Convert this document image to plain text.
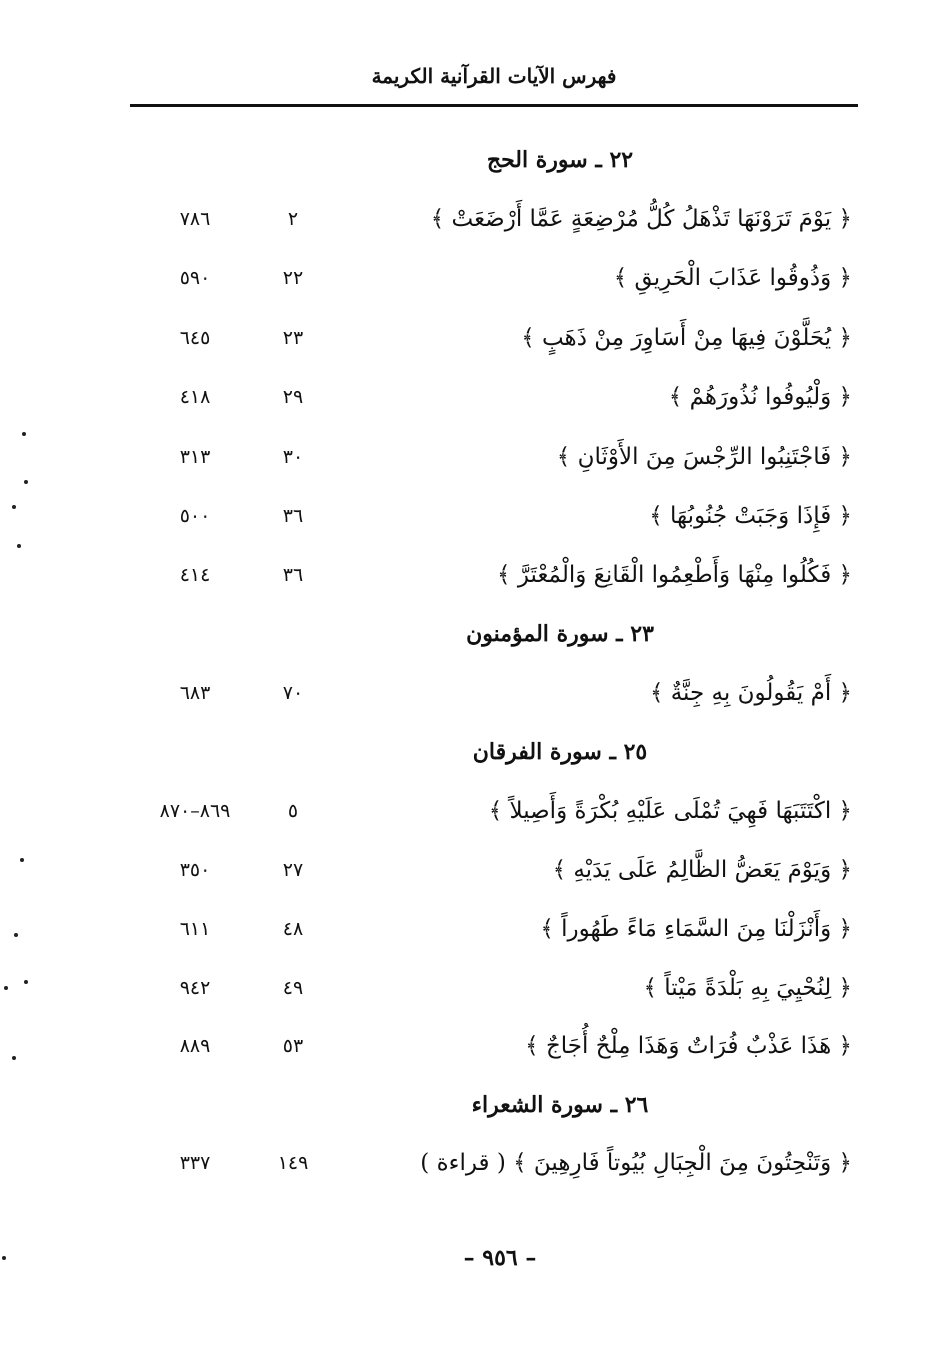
فهرس الآيات القرآنية الكريمة
٢٢ ـ سورة الحج
﴿ يَوْمَ تَرَوْنَهَا تَذْهَلُ كُلُّ مُرْضِعَةٍ عَمَّا أَرْضَعَتْ ﴾
٢
٧٨٦
﴿ وَذُوقُوا عَذَابَ الْحَرِيقِ ﴾
٢٢
٥٩٠
﴿ يُحَلَّوْنَ فِيهَا مِنْ أَسَاوِرَ مِنْ ذَهَبٍ ﴾
٢٣
٦٤٥
﴿ وَلْيُوفُوا نُذُورَهُمْ ﴾
٢٩
٤١٨
﴿ فَاجْتَنِبُوا الرِّجْسَ مِنَ الأَوْثَانِ ﴾
٣٠
٣١٣
﴿ فَإِذَا وَجَبَتْ جُنُوبُهَا ﴾
٣٦
٥٠٠
﴿ فَكُلُوا مِنْهَا وَأَطْعِمُوا الْقَانِعَ وَالْمُعْتَرَّ ﴾
٣٦
٤١٤
٢٣ ـ سورة المؤمنون
﴿ أَمْ يَقُولُونَ بِهِ جِنَّةٌ ﴾
٧٠
٦٨٣
٢٥ ـ سورة الفرقان
﴿ اكْتَتَبَهَا فَهِيَ تُمْلَى عَلَيْهِ بُكْرَةً وَأَصِيلاً ﴾
٥
٨٦٩–٨٧٠
﴿ وَيَوْمَ يَعَضُّ الظَّالِمُ عَلَى يَدَيْهِ ﴾
٢٧
٣٥٠
﴿ وَأَنْزَلْنَا مِنَ السَّمَاءِ مَاءً طَهُوراً ﴾
٤٨
٦١١
﴿ لِنُحْيِيَ بِهِ بَلْدَةً مَيْتاً ﴾
٤٩
٩٤٢
﴿ هَذَا عَذْبٌ فُرَاتٌ وَهَذَا مِلْحٌ أُجَاجٌ ﴾
٥٣
٨٨٩
٢٦ ـ سورة الشعراء
﴿ وَتَنْحِتُونَ مِنَ الْجِبَالِ بُيُوتاً فَارِهِينَ ﴾ ( قراءة )
١٤٩
٣٣٧
– ٩٥٦ –
